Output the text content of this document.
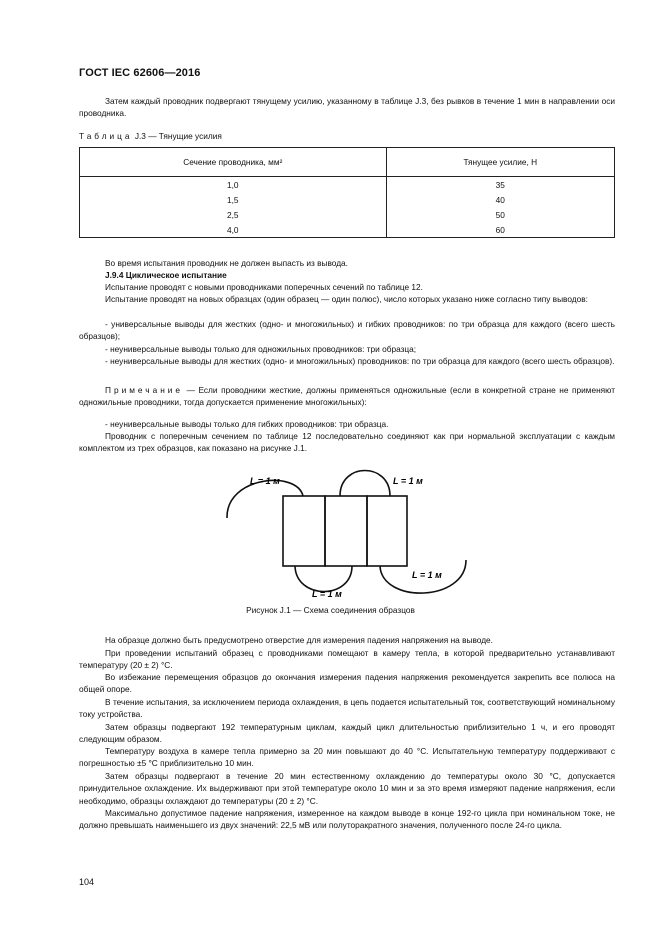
ГОСТ IEC 62606—2016
Затем каждый проводник подвергают тянущему усилию, указанному в таблице J.3, без рывков в течение 1 мин в направлении оси проводника.
Таблица J.3 — Тянущие усилия
Сечение проводника, мм²	Тянущее усилие, Н
1,0	35
1,5	40
2,5	50
4,0	60
Во время испытания проводник не должен выпасть из вывода.
J.9.4 Циклическое испытание
Испытание проводят с новыми проводниками поперечных сечений по таблице 12.
Испытание проводят на новых образцах (один образец — один полюс), число которых указано ниже согласно типу выводов:
- универсальные выводы для жестких (одно- и многожильных) и гибких проводников: по три образца для каждого (всего шесть образцов);
- неуниверсальные выводы только для одножильных проводников: три образца;
- неуниверсальные выводы для жестких (одно- и многожильных) проводников: по три образца для каждого (всего шесть образцов).
Примечание — Если проводники жесткие, должны применяться одножильные (если в конкретной стране не применяют одножильные проводники, тогда допускается применение многожильных):
- неуниверсальные выводы только для гибких проводников: три образца.
Проводник с поперечным сечением по таблице 12 последовательно соединяют как при нормальной эксплуатации с каждым комплектом из трех образцов, как показано на рисунке J.1.
L = 1 м	L = 1 м
L = 1 м
L = 1 м
Рисунок J.1 — Схема соединения образцов
На образце должно быть предусмотрено отверстие для измерения падения напряжения на выводе.
При проведении испытаний образец с проводниками помещают в камеру тепла, в которой предварительно устанавливают температуру (20 ± 2) °С.
Во избежание перемещения образцов до окончания измерения падения напряжения рекомендуется закрепить все полюса на общей опоре.
В течение испытания, за исключением периода охлаждения, в цепь подается испытательный ток, соответствующий номинальному току устройства.
Затем образцы подвергают 192 температурным циклам, каждый цикл длительностью приблизительно 1 ч, и его проводят следующим образом.
Температуру воздуха в камере тепла примерно за 20 мин повышают до 40 °С. Испытательную температуру поддерживают с погрешностью ±5 °С приблизительно 10 мин.
Затем образцы подвергают в течение 20 мин естественному охлаждению до температуры около 30 °С, допускается принудительное охлаждение. Их выдерживают при этой температуре около 10 мин и за это время измеряют падение напряжения, если необходимо, образцы охлаждают до температуры (20 ± 2) °С.
Максимально допустимое падение напряжения, измеренное на каждом выводе в конце 192-го цикла при номинальном токе, не должно превышать наименьшего из двух значений: 22,5 мВ или полуторакратного значения, полученного после 24-го цикла.
104
